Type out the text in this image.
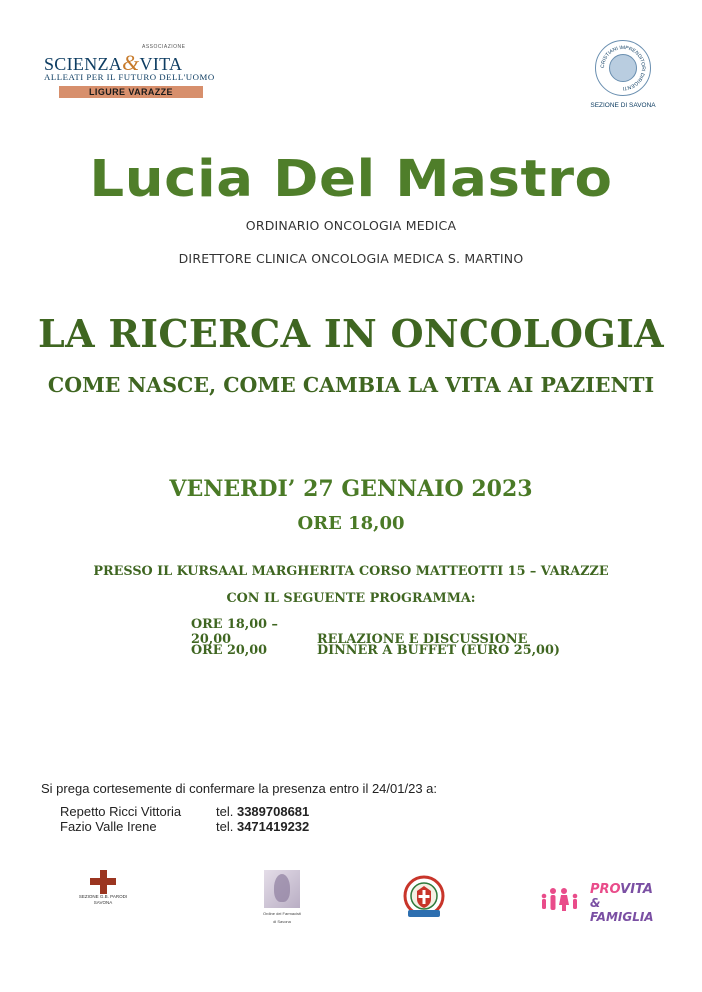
ASSOCIAZIONE
SCIENZA&VITA
ALLEATI PER IL FUTURO DELL'UOMO
LIGURE VARAZZE
CRISTIANI IMPRENDITORI DIRIGENTI
SEZIONE DI SAVONA
Lucia Del Mastro
ORDINARIO ONCOLOGIA MEDICA
DIRETTORE CLINICA ONCOLOGIA MEDICA S. MARTINO
LA RICERCA IN ONCOLOGIA
COME NASCE, COME CAMBIA LA VITA AI PAZIENTI
VENERDI’ 27 GENNAIO 2023
ORE 18,00
PRESSO IL KURSAAL MARGHERITA CORSO MATTEOTTI 15 – VARAZZE
CON IL SEGUENTE PROGRAMMA:
ORE 18,00 – 20,00	RELAZIONE E DISCUSSIONE
ORE 20,00	DINNER A BUFFET (EURO 25,00)
Si prega cortesemente di confermare la presenza entro il 24/01/23 a:
Repetto Ricci Vittoria	tel. 3389708681
Fazio Valle Irene	tel. 3471419232
SEZIONE G.B. PARODI
SAVONA
Ordine dei Farmacisti
di Savona
PROVITA
& FAMIGLIA
